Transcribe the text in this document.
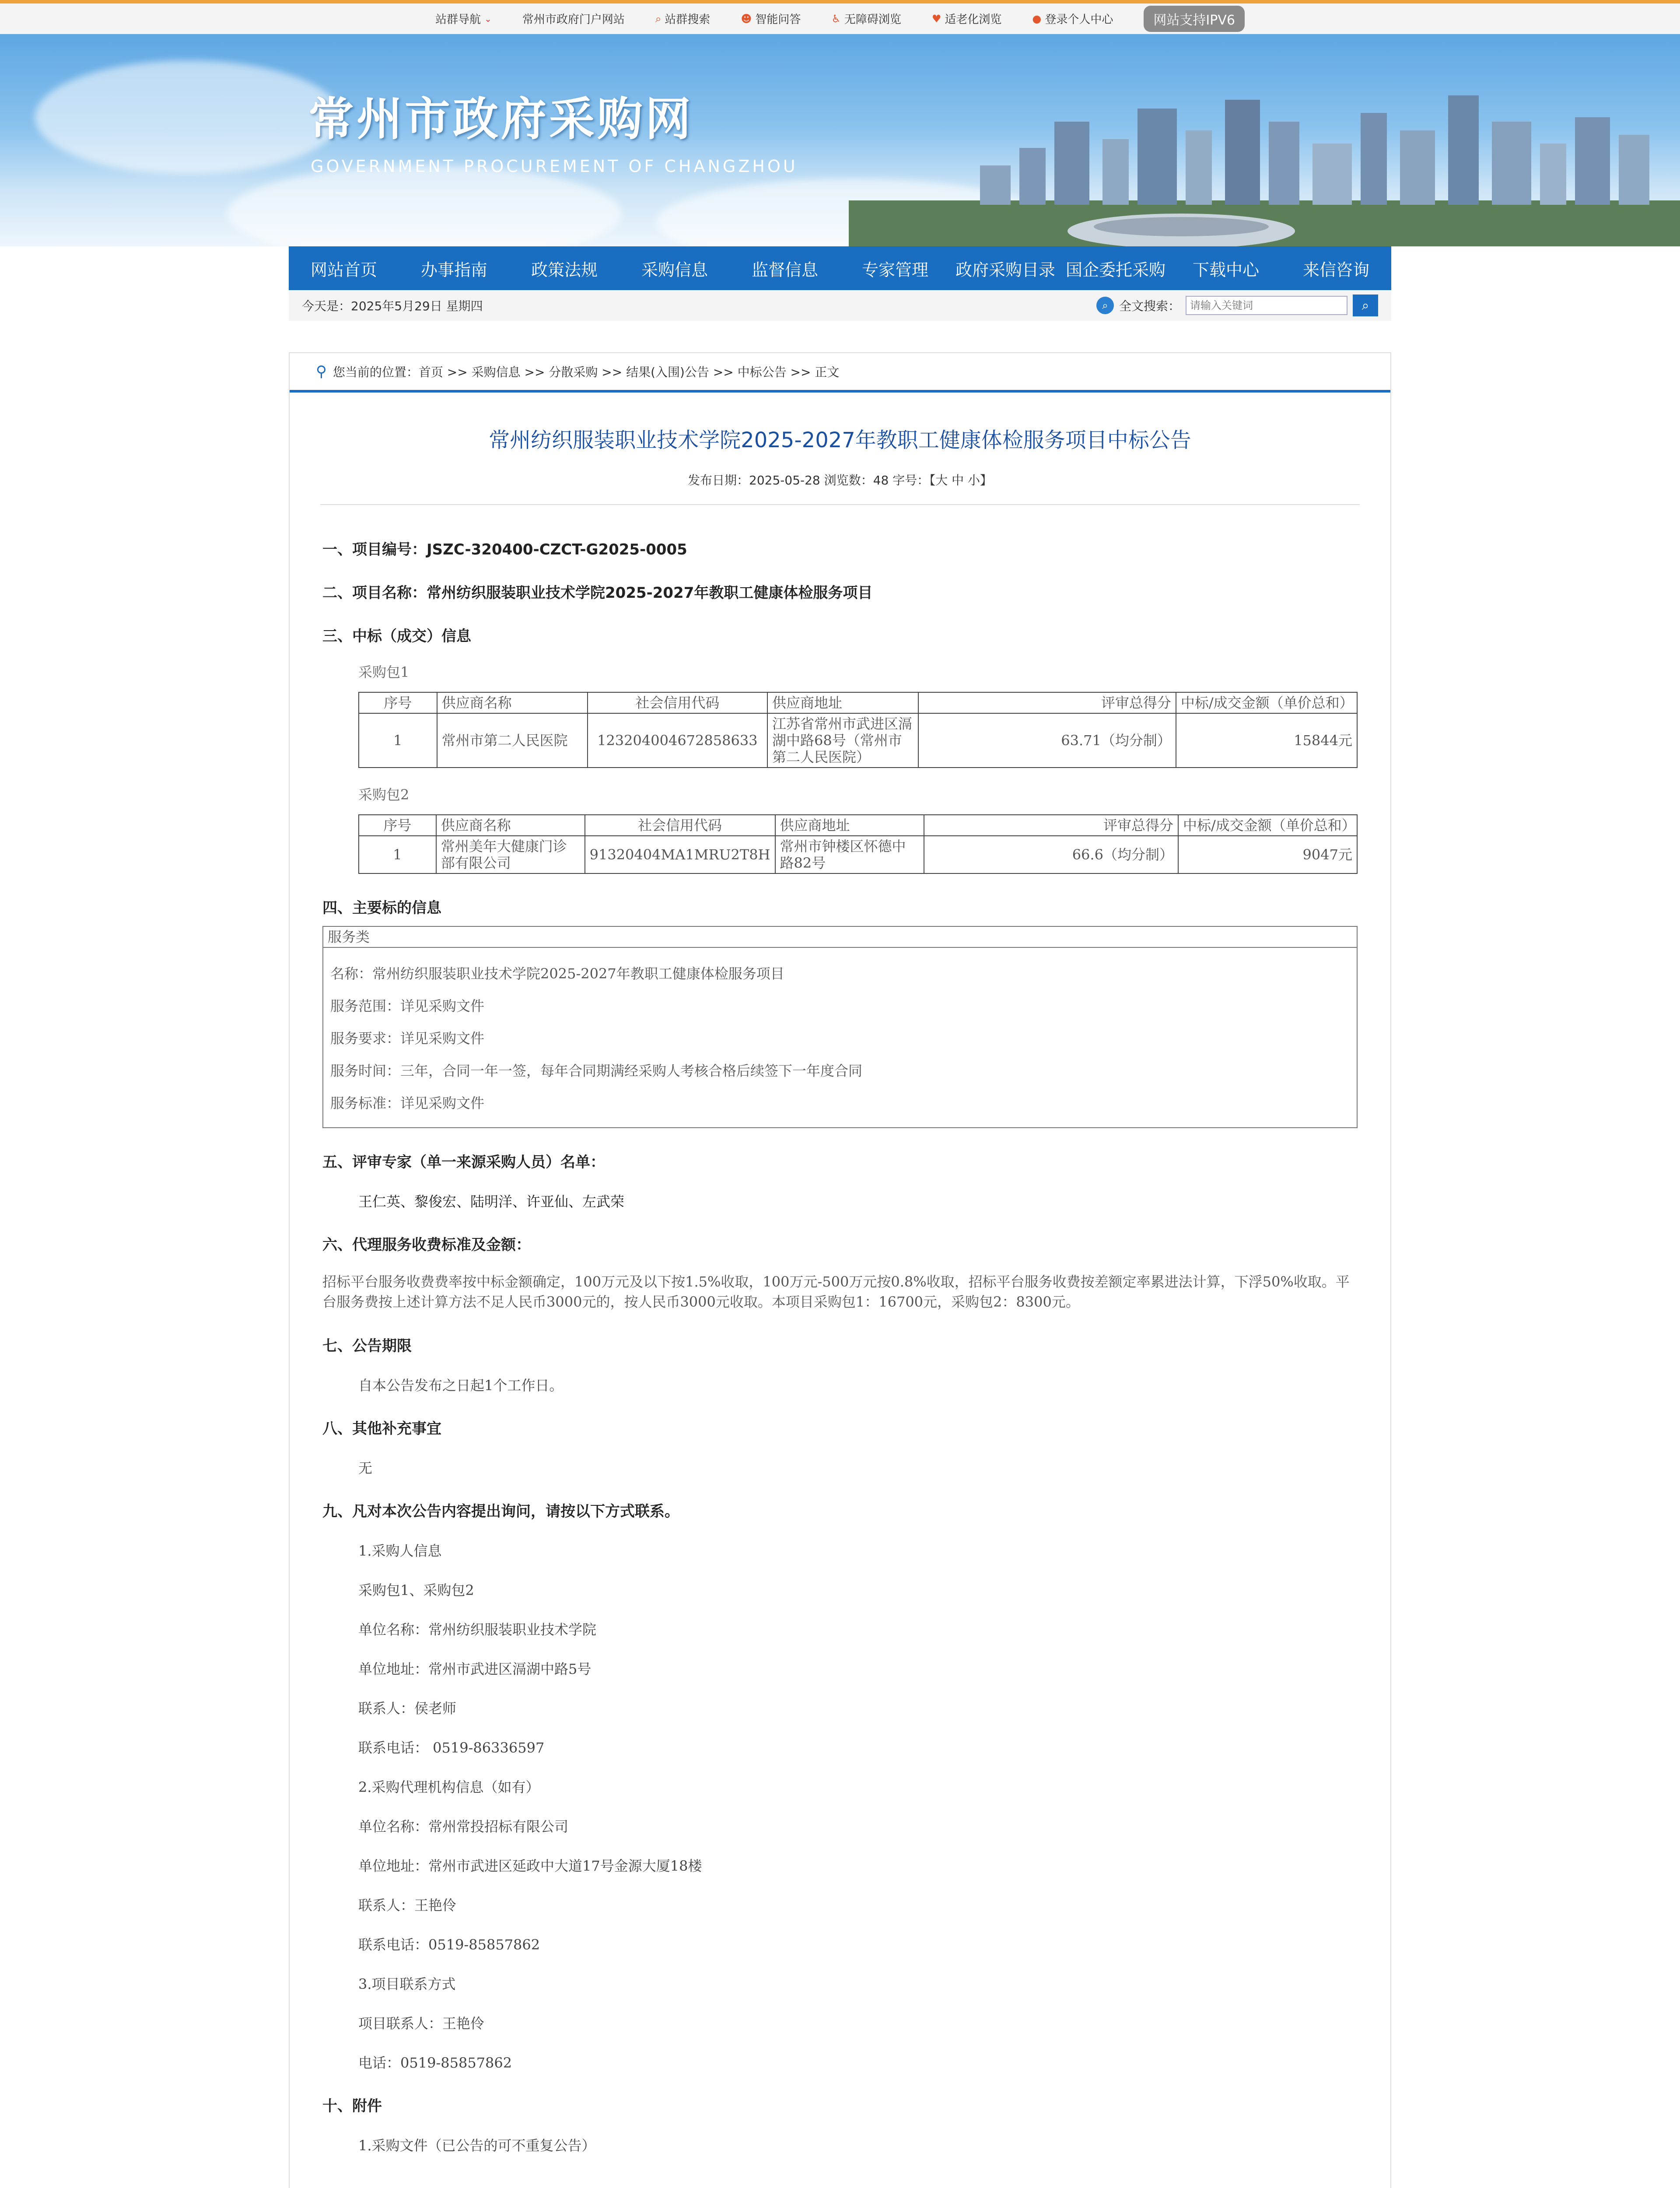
站群导航 ⌄	常州市政府门户网站	⌕ 站群搜索	☻ 智能问答	♿ 无障碍浏览	♥ 适老化浏览	● 登录个人中心	网站支持IPV6
常州市政府采购网
GOVERNMENT PROCUREMENT OF CHANGZHOU
网站首页	办事指南	政策法规	采购信息	监督信息	专家管理	政府采购目录 国企委托采购	下载中心	来信咨询
今天是：2025年5月29日 星期四	⌕ 全文搜索：
请输入关键词	⌕
⚲ 您当前的位置：首页 >> 采购信息 >> 分散采购 >> 结果(入围)公告 >> 中标公告 >> 正文
常州纺织服装职业技术学院2025-2027年教职工健康体检服务项目中标公告
发布日期：2025-05-28 浏览数：48 字号：【大 中 小】
一、项目编号：JSZC-320400-CZCT-G2025-0005
二、项目名称：常州纺织服装职业技术学院2025-2027年教职工健康体检服务项目
三、中标（成交）信息
采购包1
序号	供应商名称	社会信用代码	供应商地址	评审总得分	中标/成交金额（单价总和）
1	常州市第二人民医院	123204004672858633	江苏省常州市武进区滆湖中路68号（常州市第二人民医院）	63.71（均分制）	15844元
采购包2
序号	供应商名称	社会信用代码	供应商地址	评审总得分	中标/成交金额（单价总和）
1	常州美年大健康门诊部有限公司	91320404MA1MRU2T8H	常州市钟楼区怀德中路82号	66.6（均分制）	9047元
四、主要标的信息
服务类

名称：常州纺织服装职业技术学院2025-2027年教职工健康体检服务项目
服务范围：详见采购文件
服务要求：详见采购文件
服务时间：三年，合同一年一签，每年合同期满经采购人考核合格后续签下一年度合同
服务标准：详见采购文件
五、评审专家（单一来源采购人员）名单：
王仁英、黎俊宏、陆明洋、许亚仙、左武荣
六、代理服务收费标准及金额：
招标平台服务收费费率按中标金额确定，100万元及以下按1.5%收取，100万元-500万元按0.8%收取，招标平台服务收费按差额定率累进法计算，下浮50%收取。平台服务费按上述计算方法不足人民币3000元的，按人民币3000元收取。本项目采购包1：16700元，采购包2：8300元。
七、公告期限
自本公告发布之日起1个工作日。
八、其他补充事宜
无
九、凡对本次公告内容提出询问，请按以下方式联系。
1.采购人信息
采购包1、采购包2
单位名称：常州纺织服装职业技术学院
单位地址：常州市武进区滆湖中路5号
联系人：侯老师
联系电话： 0519-86336597
2.采购代理机构信息（如有）
单位名称：常州常投招标有限公司
单位地址：常州市武进区延政中大道17号金源大厦18楼
联系人：王艳伶
联系电话：0519-85857862
3.项目联系方式
项目联系人：王艳伶
电话：0519-85857862
十、附件
1.采购文件（已公告的可不重复公告）
